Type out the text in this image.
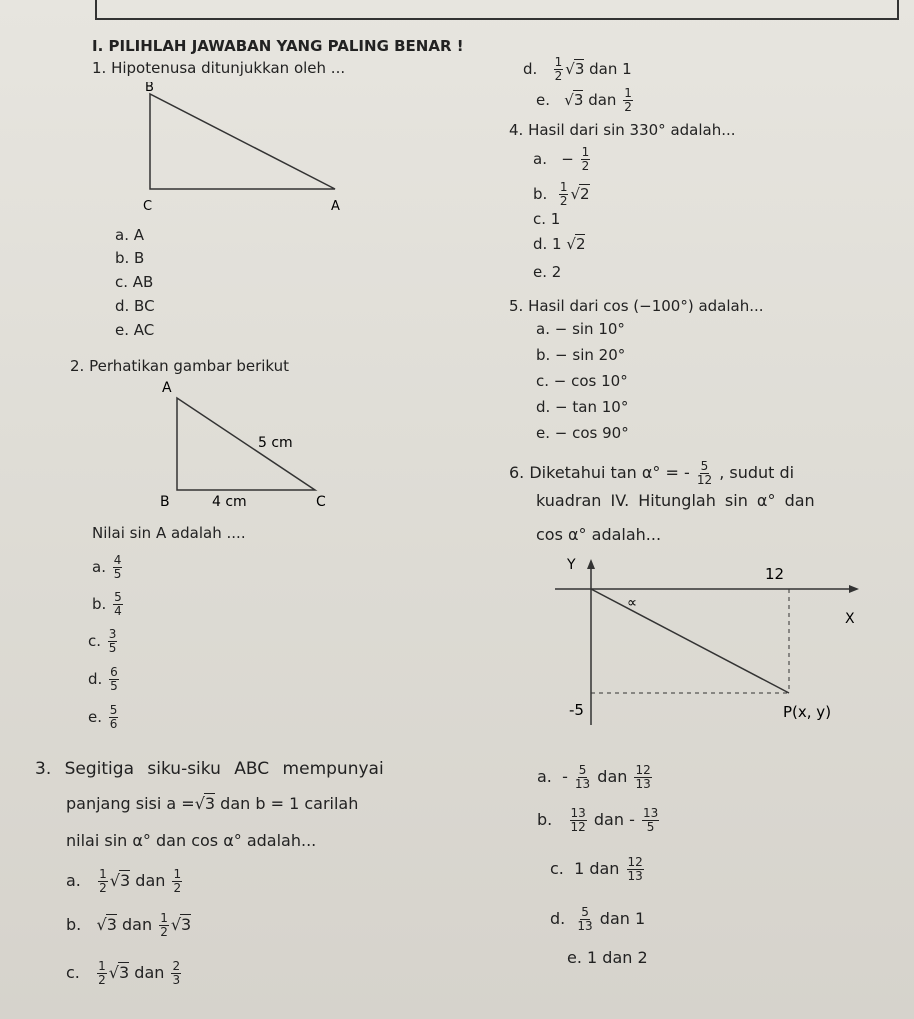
I. PILIHLAH JAWABAN YANG PALING BENAR !
1. Hipotenusa ditunjukkan oleh ...
B
C	A
a. A
b. B
c. AB
d. BC
e. AC
2. Perhatikan gambar berikut
A
B	C
5 cm
4 cm
Nilai sin A adalah ....
a. $\frac{4}{5}$
b. $\frac{5}{4}$
c. $\frac{3}{5}$
d. $\frac{6}{5}$
e. $\frac{5}{6}$
3. Segitiga siku-siku ABC mempunyai
panjang sisi a =√3 dan b = 1 carilah
nilai sin α° dan cos α° adalah...
a. $\frac{1}{2} √3$ dan $\frac{1}{2}$
b.   √3 dan $\frac{1}{2} √3$
c. $\frac{1}{2} √3$ dan $\frac{2}{3}$
d. $\frac{1}{2} √3$ dan 1
e.   √3 dan $\frac{1}{2}$
4. Hasil dari sin 330° adalah...
a.   − $\frac{1}{2}$
b. $\frac{1}{2} √2$
c. 1
d. 1 √2
e. 2
5. Hasil dari cos (−100°) adalah...
a. − sin 10°
b. − sin 20°
c. − cos 10°
d. − tan 10°
e. − cos 90°
6. Diketahui tan α° = - $\frac{5}{12}$ , sudut di
kuadran IV. Hitunglah sin α° dan
cos α° adalah...
Y	12
X
∝
-5	P(x, y)
a.  - $\frac{5}{13}$ dan $\frac{12}{13}$
b. $\frac{13}{12}$ dan - $\frac{13}{5}$
c.  1 dan $\frac{12}{13}$
d. $\frac{5}{13}$ dan 1
e. 1 dan 2
